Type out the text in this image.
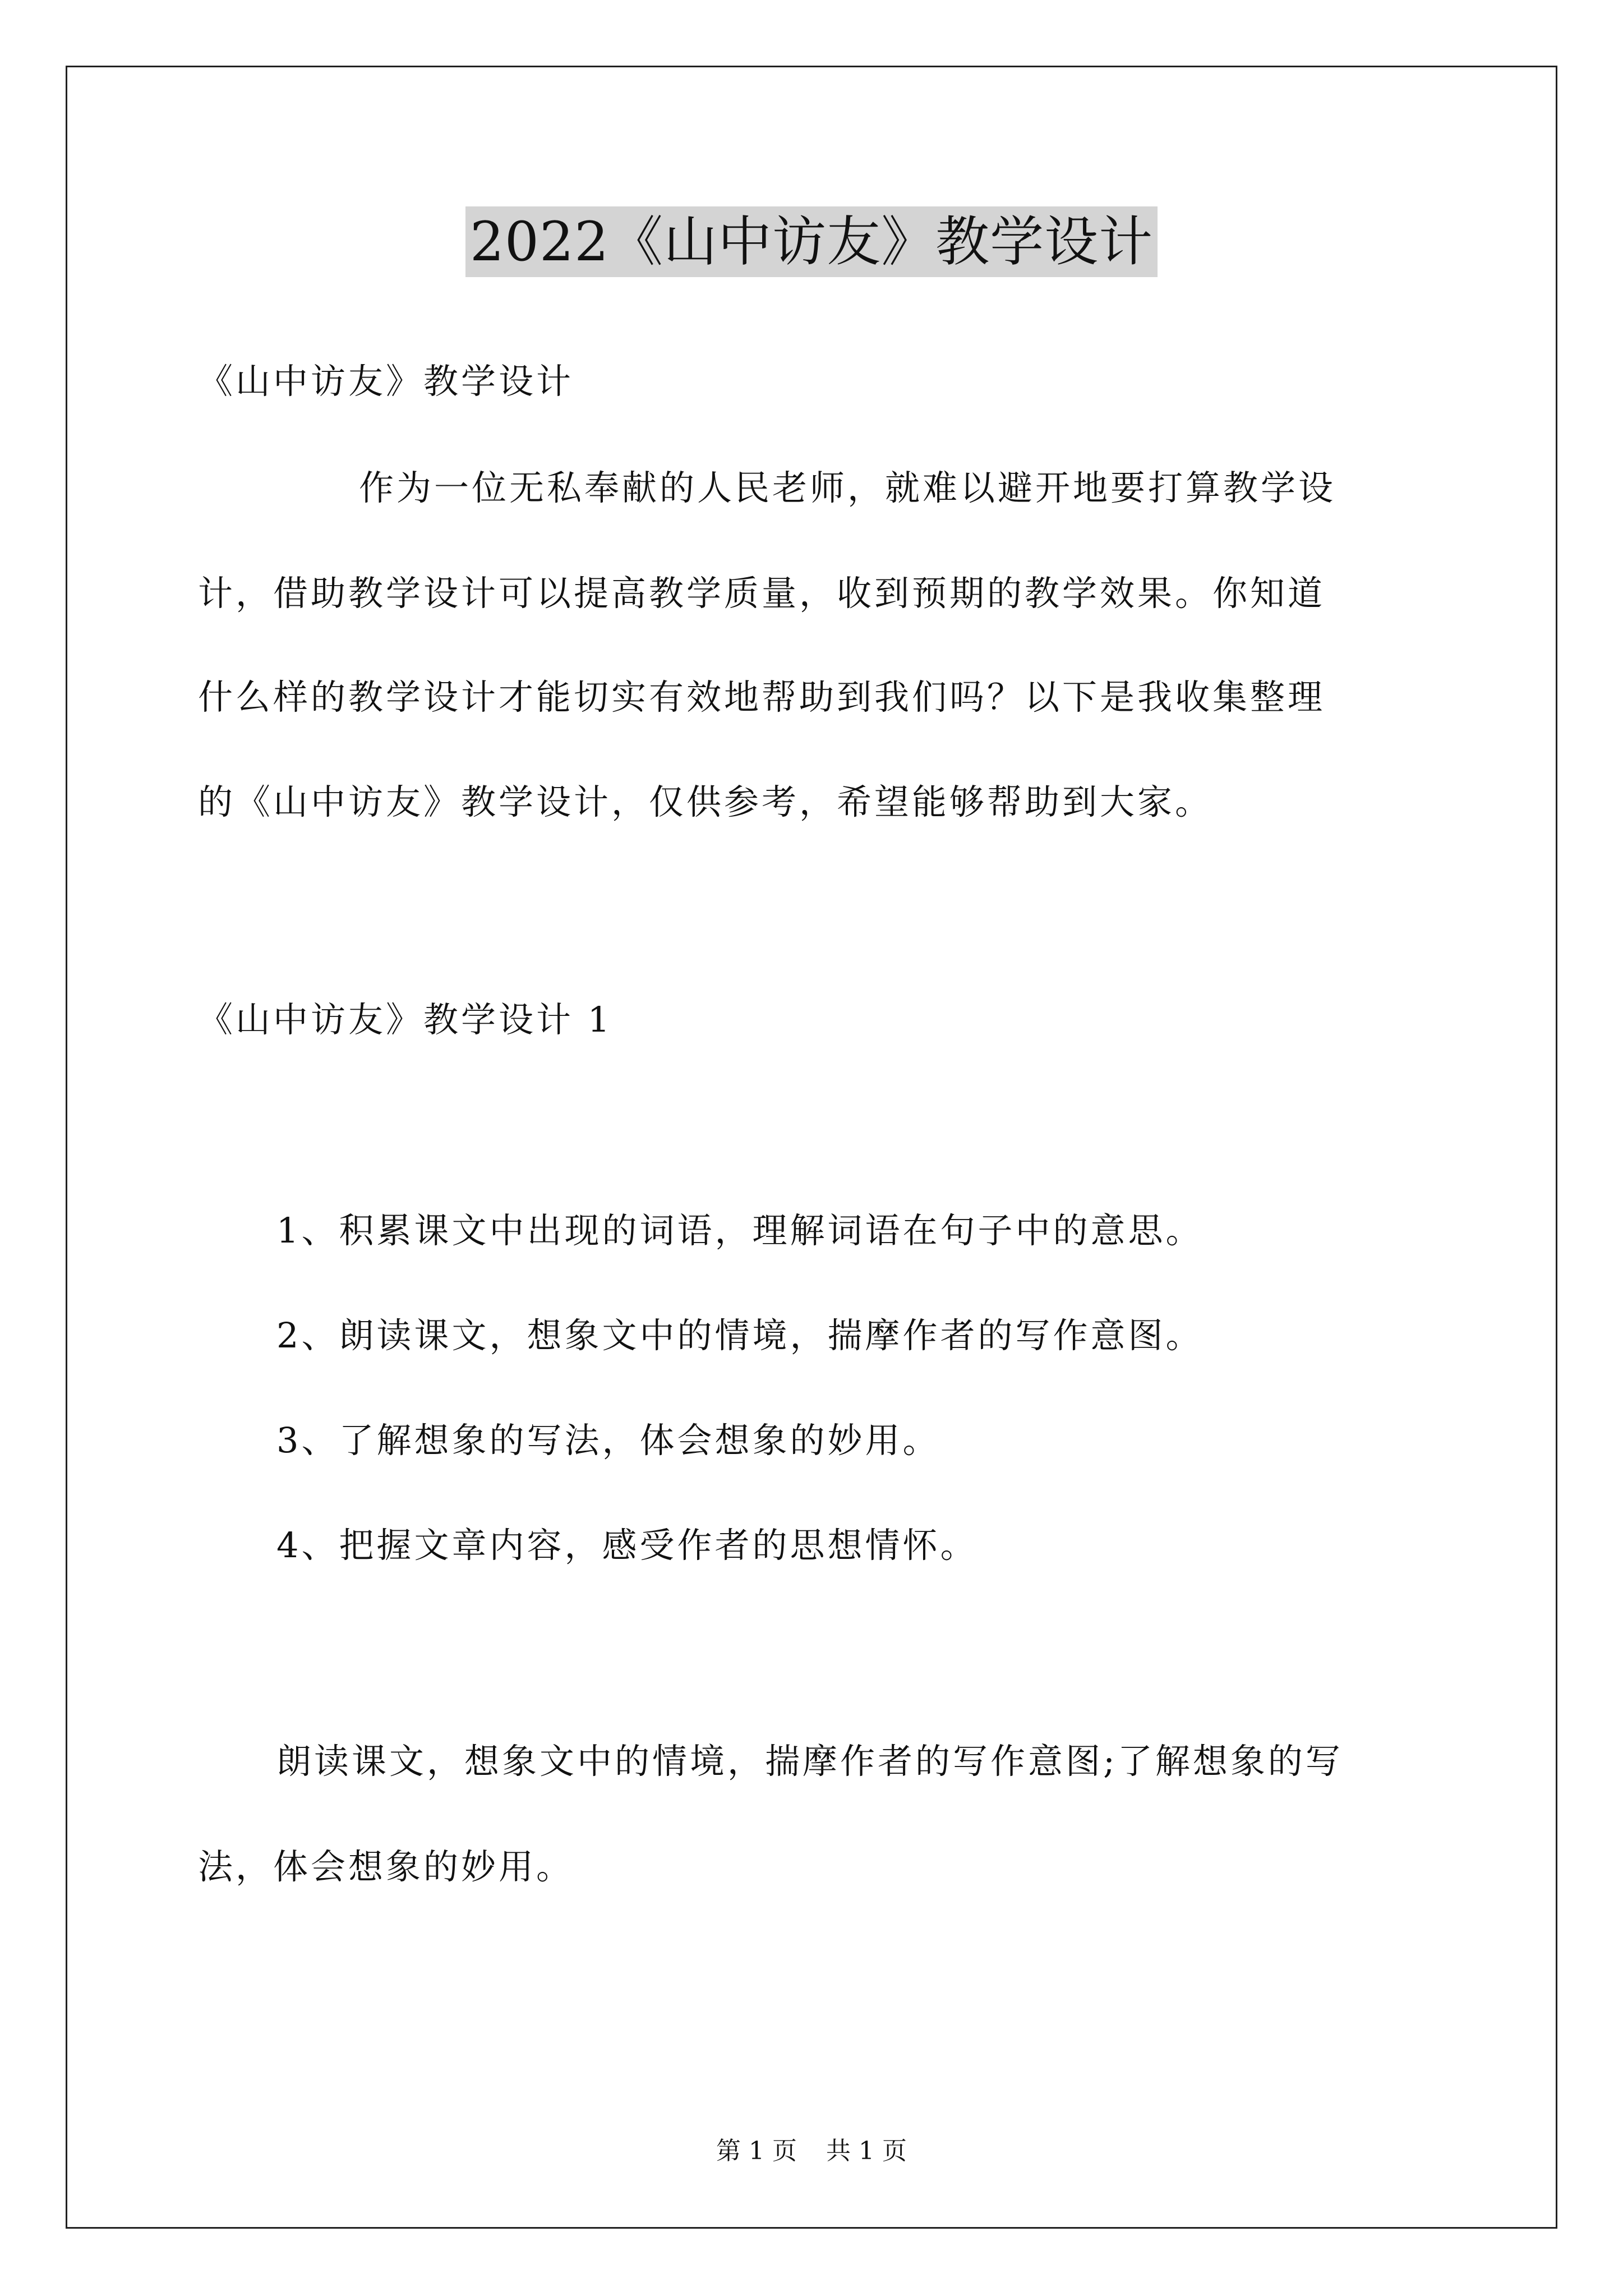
2022《山中访友》教学设计
《山中访友》教学设计
作为一位无私奉献的人民老师，就难以避开地要打算教学设
计，借助教学设计可以提高教学质量，收到预期的教学效果。你知道
什么样的教学设计才能切实有效地帮助到我们吗？以下是我收集整理
的《山中访友》教学设计，仅供参考，希望能够帮助到大家。
《山中访友》教学设计 1
1、积累课文中出现的词语，理解词语在句子中的意思。
2、朗读课文，想象文中的情境，揣摩作者的写作意图。
3、了解想象的写法，体会想象的妙用。
4、把握文章内容，感受作者的思想情怀。
朗读课文，想象文中的情境，揣摩作者的写作意图;了解想象的写
法，体会想象的妙用。
第 1 页 共 1 页
